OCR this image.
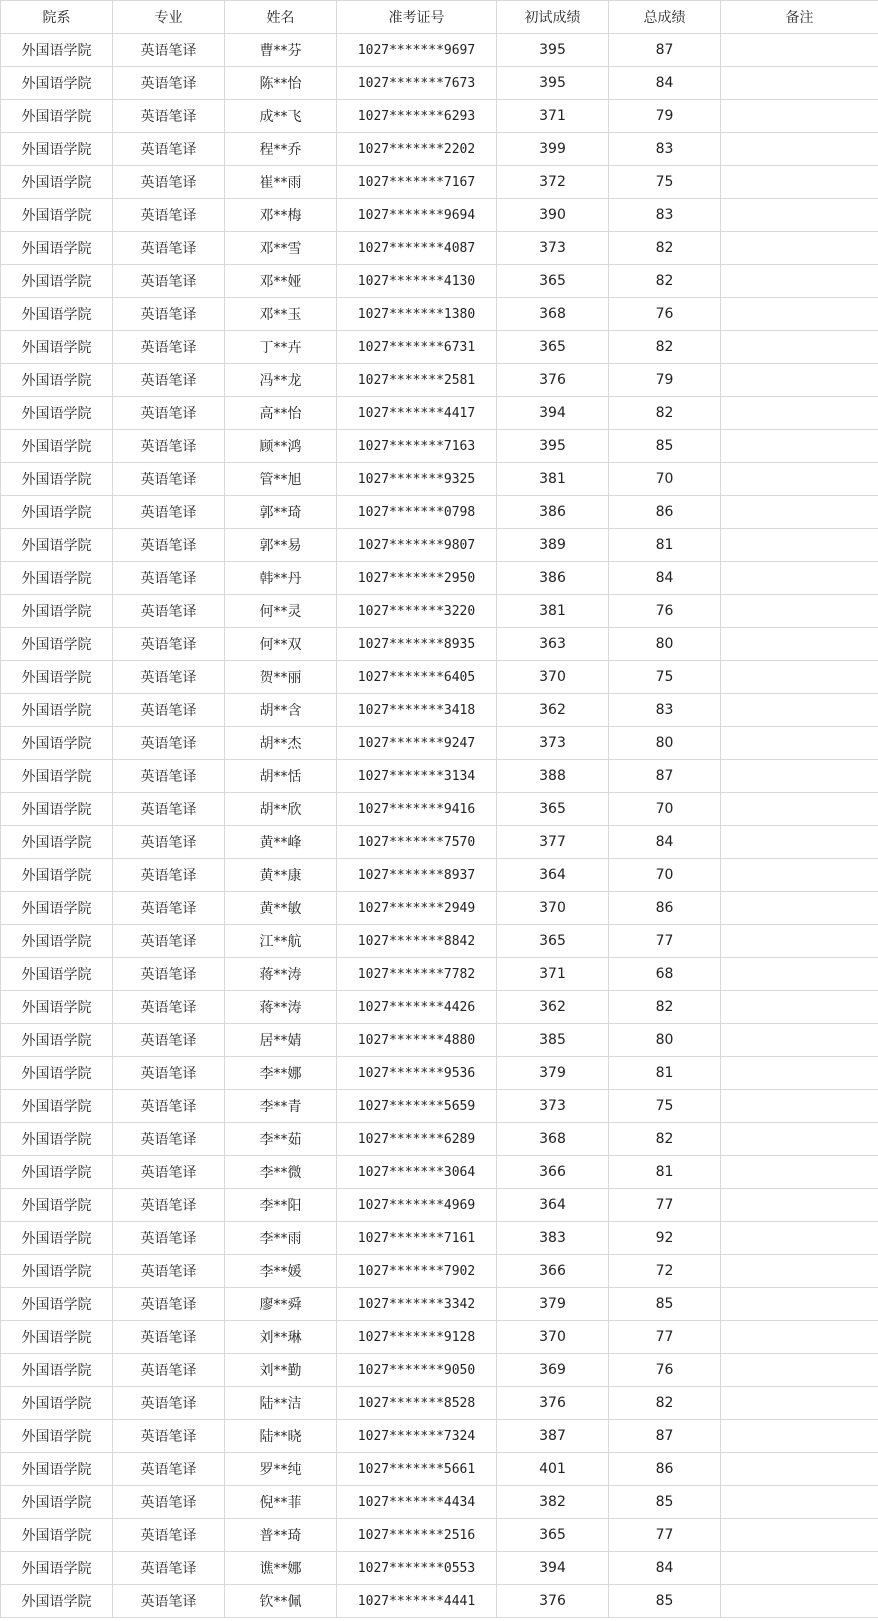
院系	专业	姓名	准考证号	初试成绩	总成绩	备注
外国语学院	英语笔译	曹**芬	1027*******9697	395	87	
外国语学院	英语笔译	陈**怡	1027*******7673	395	84	
外国语学院	英语笔译	成**飞	1027*******6293	371	79	
外国语学院	英语笔译	程**乔	1027*******2202	399	83	
外国语学院	英语笔译	崔**雨	1027*******7167	372	75	
外国语学院	英语笔译	邓**梅	1027*******9694	390	83	
外国语学院	英语笔译	邓**雪	1027*******4087	373	82	
外国语学院	英语笔译	邓**娅	1027*******4130	365	82	
外国语学院	英语笔译	邓**玉	1027*******1380	368	76	
外国语学院	英语笔译	丁**卉	1027*******6731	365	82	
外国语学院	英语笔译	冯**龙	1027*******2581	376	79	
外国语学院	英语笔译	高**怡	1027*******4417	394	82	
外国语学院	英语笔译	顾**鸿	1027*******7163	395	85	
外国语学院	英语笔译	管**旭	1027*******9325	381	70	
外国语学院	英语笔译	郭**琦	1027*******0798	386	86	
外国语学院	英语笔译	郭**易	1027*******9807	389	81	
外国语学院	英语笔译	韩**丹	1027*******2950	386	84	
外国语学院	英语笔译	何**灵	1027*******3220	381	76	
外国语学院	英语笔译	何**双	1027*******8935	363	80	
外国语学院	英语笔译	贺**丽	1027*******6405	370	75	
外国语学院	英语笔译	胡**含	1027*******3418	362	83	
外国语学院	英语笔译	胡**杰	1027*******9247	373	80	
外国语学院	英语笔译	胡**恬	1027*******3134	388	87	
外国语学院	英语笔译	胡**欣	1027*******9416	365	70	
外国语学院	英语笔译	黄**峰	1027*******7570	377	84	
外国语学院	英语笔译	黄**康	1027*******8937	364	70	
外国语学院	英语笔译	黄**敏	1027*******2949	370	86	
外国语学院	英语笔译	江**航	1027*******8842	365	77	
外国语学院	英语笔译	蒋**涛	1027*******7782	371	68	
外国语学院	英语笔译	蒋**涛	1027*******4426	362	82	
外国语学院	英语笔译	居**婧	1027*******4880	385	80	
外国语学院	英语笔译	李**娜	1027*******9536	379	81	
外国语学院	英语笔译	李**青	1027*******5659	373	75	
外国语学院	英语笔译	李**茹	1027*******6289	368	82	
外国语学院	英语笔译	李**微	1027*******3064	366	81	
外国语学院	英语笔译	李**阳	1027*******4969	364	77	
外国语学院	英语笔译	李**雨	1027*******7161	383	92	
外国语学院	英语笔译	李**媛	1027*******7902	366	72	
外国语学院	英语笔译	廖**舜	1027*******3342	379	85	
外国语学院	英语笔译	刘**琳	1027*******9128	370	77	
外国语学院	英语笔译	刘**勤	1027*******9050	369	76	
外国语学院	英语笔译	陆**洁	1027*******8528	376	82	
外国语学院	英语笔译	陆**晓	1027*******7324	387	87	
外国语学院	英语笔译	罗**纯	1027*******5661	401	86	
外国语学院	英语笔译	倪**菲	1027*******4434	382	85	
外国语学院	英语笔译	普**琦	1027*******2516	365	77	
外国语学院	英语笔译	谯**娜	1027*******0553	394	84	
外国语学院	英语笔译	钦**佩	1027*******4441	376	85	
